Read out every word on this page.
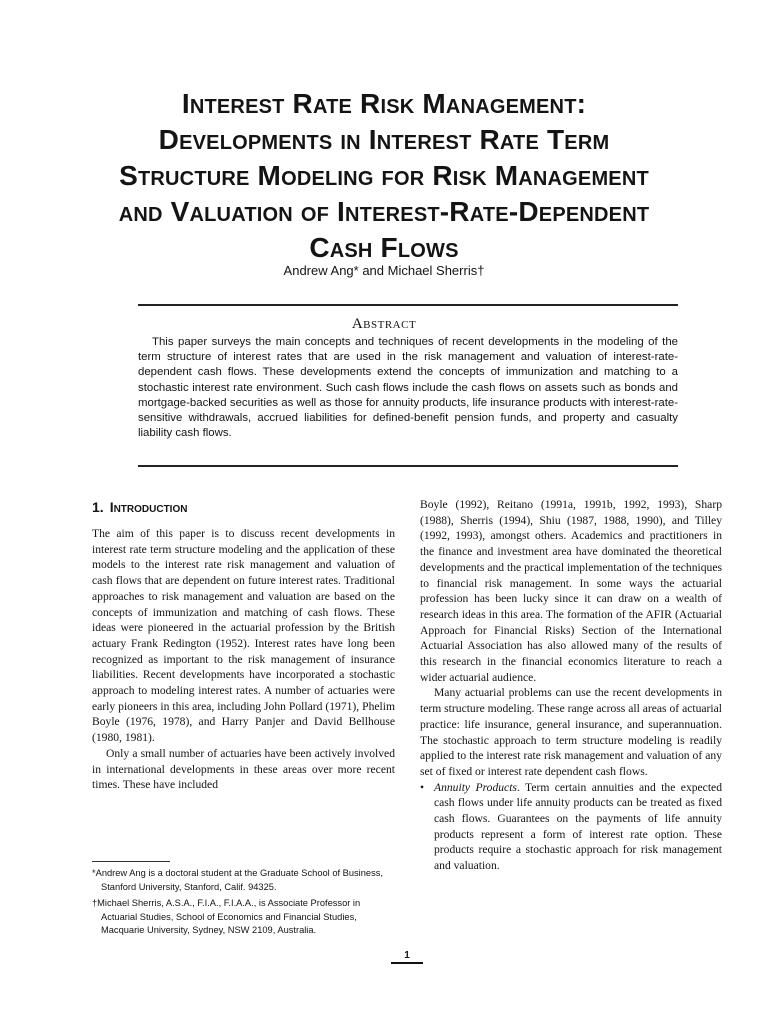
Interest Rate Risk Management:
Developments in Interest Rate Term
Structure Modeling for Risk Management
and Valuation of Interest-Rate-Dependent
Cash Flows
Andrew Ang* and Michael Sherris†
Abstract

This paper surveys the main concepts and techniques of recent developments in the modeling of the term structure of interest rates that are used in the risk management and valuation of interest-rate-dependent cash flows. These developments extend the concepts of immunization and matching to a stochastic interest rate environment. Such cash flows include the cash flows on assets such as bonds and mortgage-backed securities as well as those for annuity products, life insurance products with interest-rate-sensitive withdrawals, accrued liabilities for defined-benefit pension funds, and property and casualty liability cash flows.

1. Introduction

The aim of this paper is to discuss recent developments in interest rate term structure modeling and the application of these models to the interest rate risk management and valuation of cash flows that are dependent on future interest rates. Traditional approaches to risk management and valuation are based on the concepts of immunization and matching of cash flows. These ideas were pioneered in the actuarial profession by the British actuary Frank Redington (1952). Interest rates have long been recognized as important to the risk management of insurance liabilities. Recent developments have incorporated a stochastic approach to modeling interest rates. A number of actuaries were early pioneers in this area, including John Pollard (1971), Phelim Boyle (1976, 1978), and Harry Panjer and David Bellhouse (1980, 1981).

Only a small number of actuaries have been actively involved in international developments in these areas over more recent times. These have included

Boyle (1992), Reitano (1991a, 1991b, 1992, 1993), Sharp (1988), Sherris (1994), Shiu (1987, 1988, 1990), and Tilley (1992, 1993), amongst others. Academics and practitioners in the finance and investment area have dominated the theoretical developments and the practical implementation of the techniques to financial risk management. In some ways the actuarial profession has been lucky since it can draw on a wealth of research ideas in this area. The formation of the AFIR (Actuarial Approach for Financial Risks) Section of the International Actuarial Association has also allowed many of the results of this research in the financial economics literature to reach a wider actuarial audience.

Many actuarial problems can use the recent developments in term structure modeling. These range across all areas of actuarial practice: life insurance, general insurance, and superannuation. The stochastic approach to term structure modeling is readily applied to the interest rate risk management and valuation of any set of fixed or interest rate dependent cash flows.

• Annuity Products. Term certain annuities and the expected cash flows under life annuity products can be treated as fixed cash flows. Guarantees on the payments of life annuity products represent a form of interest rate option. These products require a stochastic approach for risk management and valuation.

*Andrew Ang is a doctoral student at the Graduate School of Business, Stanford University, Stanford, Calif. 94325.

†Michael Sherris, A.S.A., F.I.A., F.I.A.A., is Associate Professor in Actuarial Studies, School of Economics and Financial Studies, Macquarie University, Sydney, NSW 2109, Australia.

1
